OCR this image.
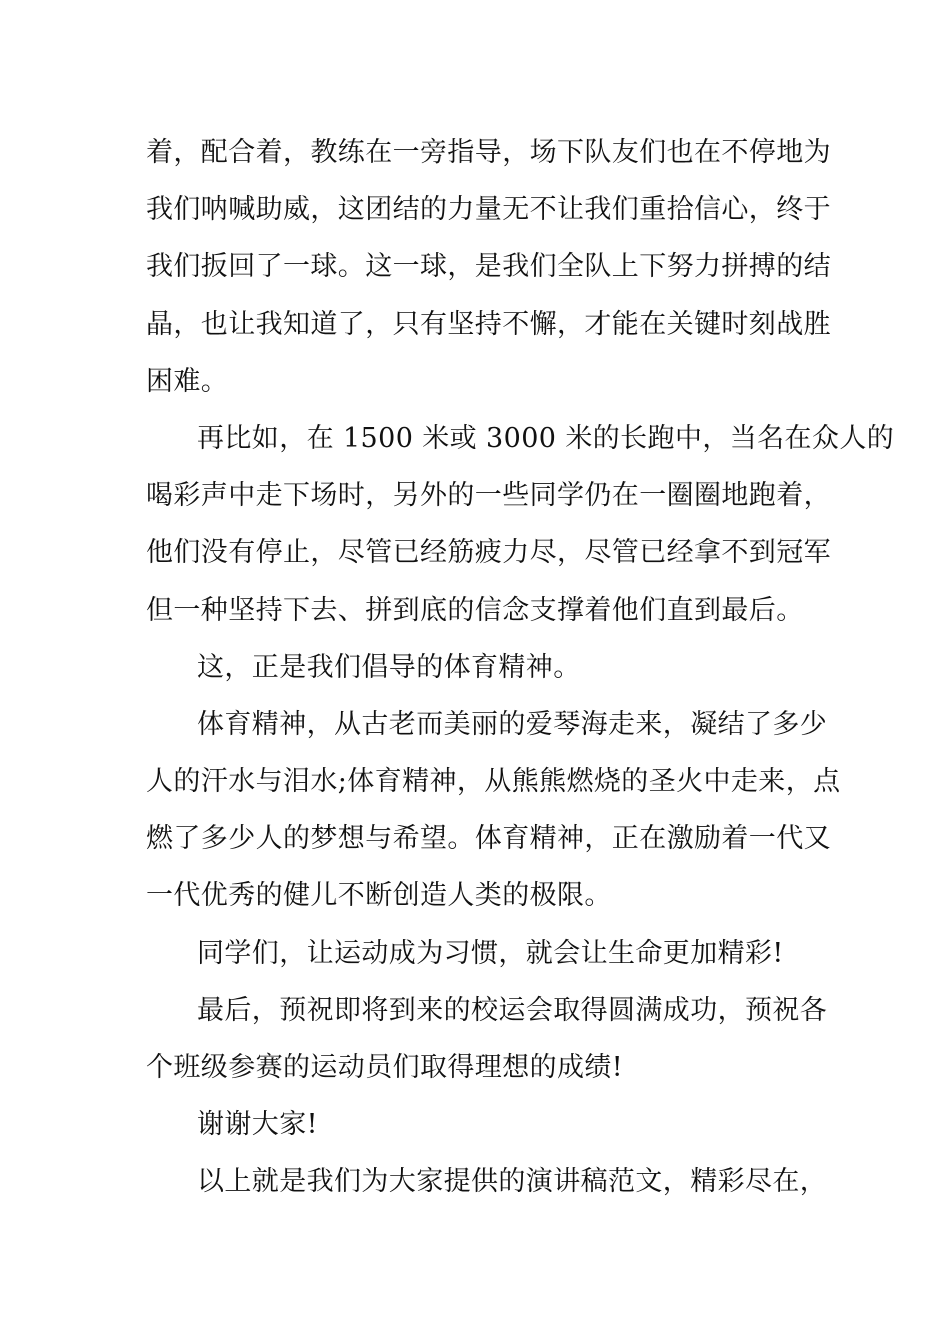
着，配合着，教练在一旁指导，场下队友们也在不停地为
我们呐喊助威，这团结的力量无不让我们重拾信心，终于
我们扳回了一球。这一球，是我们全队上下努力拼搏的结
晶，也让我知道了，只有坚持不懈，才能在关键时刻战胜
困难。

再比如，在 1500 米或 3000 米的长跑中，当名在众人的
喝彩声中走下场时，另外的一些同学仍在一圈圈地跑着，
他们没有停止，尽管已经筋疲力尽，尽管已经拿不到冠军
但一种坚持下去、拼到底的信念支撑着他们直到最后。

这，正是我们倡导的体育精神。

体育精神，从古老而美丽的爱琴海走来，凝结了多少
人的汗水与泪水;体育精神，从熊熊燃烧的圣火中走来，点
燃了多少人的梦想与希望。体育精神，正在激励着一代又
一代优秀的健儿不断创造人类的极限。

同学们，让运动成为习惯，就会让生命更加精彩!

最后，预祝即将到来的校运会取得圆满成功，预祝各
个班级参赛的运动员们取得理想的成绩!

谢谢大家!

以上就是我们为大家提供的演讲稿范文，精彩尽在，
